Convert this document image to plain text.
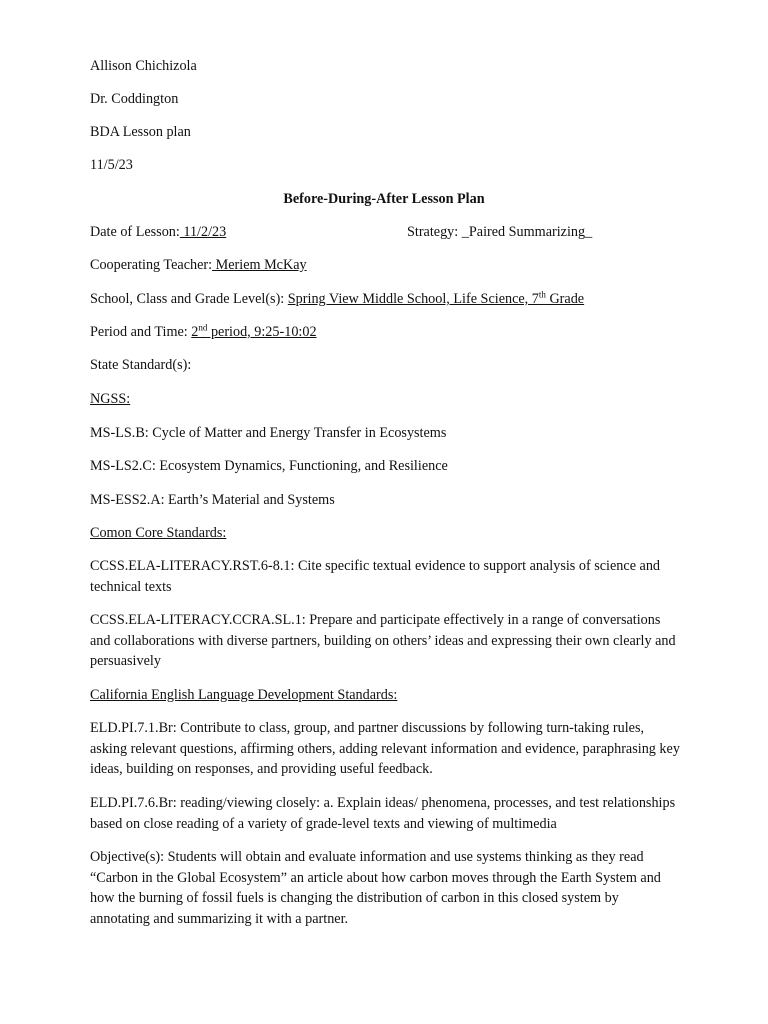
Allison Chichizola
Dr. Coddington
BDA Lesson plan
11/5/23
Before-During-After Lesson Plan
Date of Lesson: 11/2/23	Strategy: _Paired Summarizing_
Cooperating Teacher: Meriem McKay
School, Class and Grade Level(s): Spring View Middle School, Life Science, 7th Grade
Period and Time: 2nd period, 9:25-10:02
State Standard(s):
NGSS:
MS-LS.B: Cycle of Matter and Energy Transfer in Ecosystems
MS-LS2.C: Ecosystem Dynamics, Functioning, and Resilience
MS-ESS2.A: Earth’s Material and Systems
Comon Core Standards:
CCSS.ELA-LITERACY.RST.6-8.1: Cite specific textual evidence to support analysis of science and technical texts
CCSS.ELA-LITERACY.CCRA.SL.1: Prepare and participate effectively in a range of conversations and collaborations with diverse partners, building on others’ ideas and expressing their own clearly and persuasively
California English Language Development Standards:
ELD.PI.7.1.Br: Contribute to class, group, and partner discussions by following turn-taking rules, asking relevant questions, affirming others, adding relevant information and evidence, paraphrasing key ideas, building on responses, and providing useful feedback.
ELD.PI.7.6.Br: reading/viewing closely: a. Explain ideas/ phenomena, processes, and test relationships based on close reading of a variety of grade-level texts and viewing of multimedia
Objective(s): Students will obtain and evaluate information and use systems thinking as they read “Carbon in the Global Ecosystem” an article about how carbon moves through the Earth System and how the burning of fossil fuels is changing the distribution of carbon in this closed system by annotating and summarizing it with a partner.
